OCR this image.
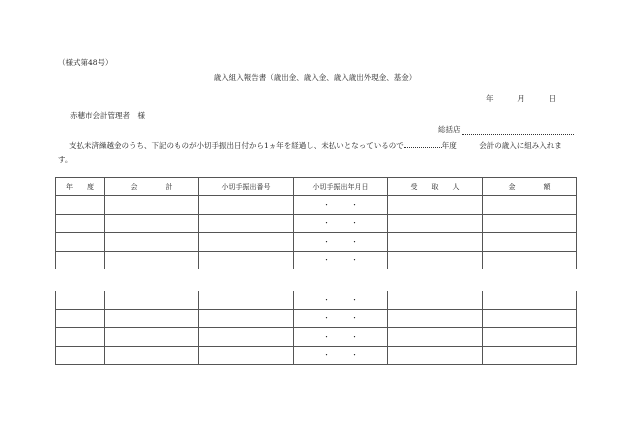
（様式第48号）
歳入組入報告書（歳出金、歳入金、歳入歳出外現金、基金）
年	月	日
赤穂市会計管理者　様
総括店
支払未済繰越金のうち、下記のものが小切手振出日付から1ヵ年を経過し、未払いとなっているので	年度　　　会計の歳入に組み入れます。
年　　度	会　　　　計	小切手振出番号	小切手振出年月日	受　　取　　人	金　　　　額
			・　　　・		
			・　　　・		
			・　　　・		
			・　　　・		
			・　　　・		
			・　　　・		
			・　　　・		
			・　　　・		
